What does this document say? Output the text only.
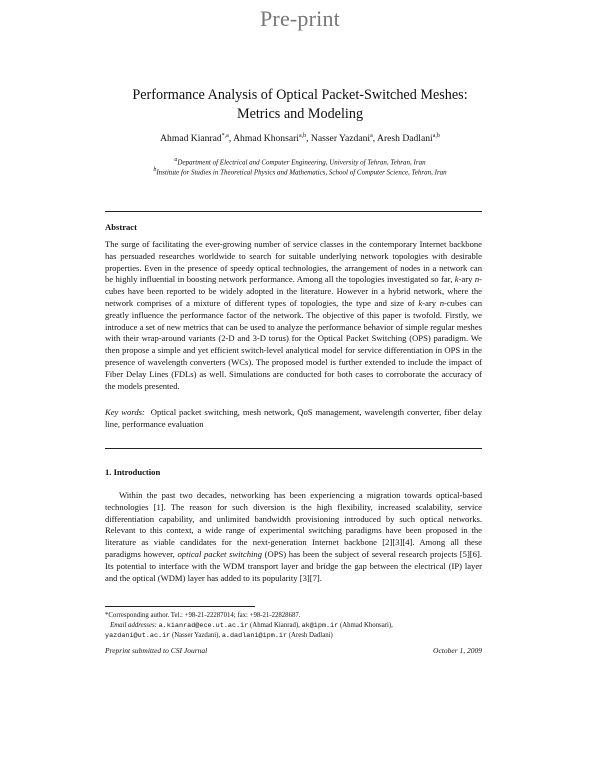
Pre-print
Performance Analysis of Optical Packet-Switched Meshes:
Metrics and Modeling
Ahmad Kianrad$^{*,a}$, Ahmad Khonsari$^{a,b}$, Nasser Yazdani$^a$, Aresh Dadlani$^{a,b}$
$^a$Department of Electrical and Computer Engineering, University of Tehran, Tehran, Iran
$^b$Institute for Studies in Theoretical Physics and Mathematics, School of Computer Science, Tehran, Iran
Abstract
The surge of facilitating the ever-growing number of service classes in the contemporary Internet backbone has persuaded researches worldwide to search for suitable underlying network topologies with desirable properties. Even in the presence of speedy optical technologies, the arrangement of nodes in a network can be highly influential in boosting network performance. Among all the topologies investigated so far, k-ary n-cubes have been reported to be widely adopted in the literature. However in a hybrid network, where the network comprises of a mixture of different types of topologies, the type and size of k-ary n-cubes can greatly influence the performance factor of the network. The objective of this paper is twofold. Firstly, we introduce a set of new metrics that can be used to analyze the performance behavior of simple regular meshes with their wrap-around variants (2-D and 3-D torus) for the Optical Packet Switching (OPS) paradigm. We then propose a simple and yet efficient switch-level analytical model for service differentiation in OPS in the presence of wavelength converters (WCs). The proposed model is further extended to include the impact of Fiber Delay Lines (FDLs) as well. Simulations are conducted for both cases to corroborate the accuracy of the models presented.
Key words: Optical packet switching, mesh network, QoS management, wavelength converter, fiber delay line, performance evaluation
1. Introduction
Within the past two decades, networking has been experiencing a migration towards optical-based technologies [1]. The reason for such diversion is the high flexibility, increased scalability, service differentiation capability, and unlimited bandwidth provisioning introduced by such optical networks. Relevant to this context, a wide range of experimental switching paradigms have been proposed in the literature as viable candidates for the next-generation Internet backbone [2][3][4]. Among all these paradigms however, optical packet switching (OPS) has been the subject of several research projects [5][6]. Its potential to interface with the WDM transport layer and bridge the gap between the electrical (IP) layer and the optical (WDM) layer has added to its popularity [3][7].
*Corresponding author. Tel.: +98-21-22287014; fax: +98-21-22828687.
Email addresses: a.kianrad@ece.ut.ac.ir (Ahmad Kianrad), ak@ipm.ir (Ahmad Khonsari),
yazdani@ut.ac.ir (Nasser Yazdani), a.dadlani@ipm.ir (Aresh Dadlani)
Preprint submitted to CSI Journal	October 1, 2009
